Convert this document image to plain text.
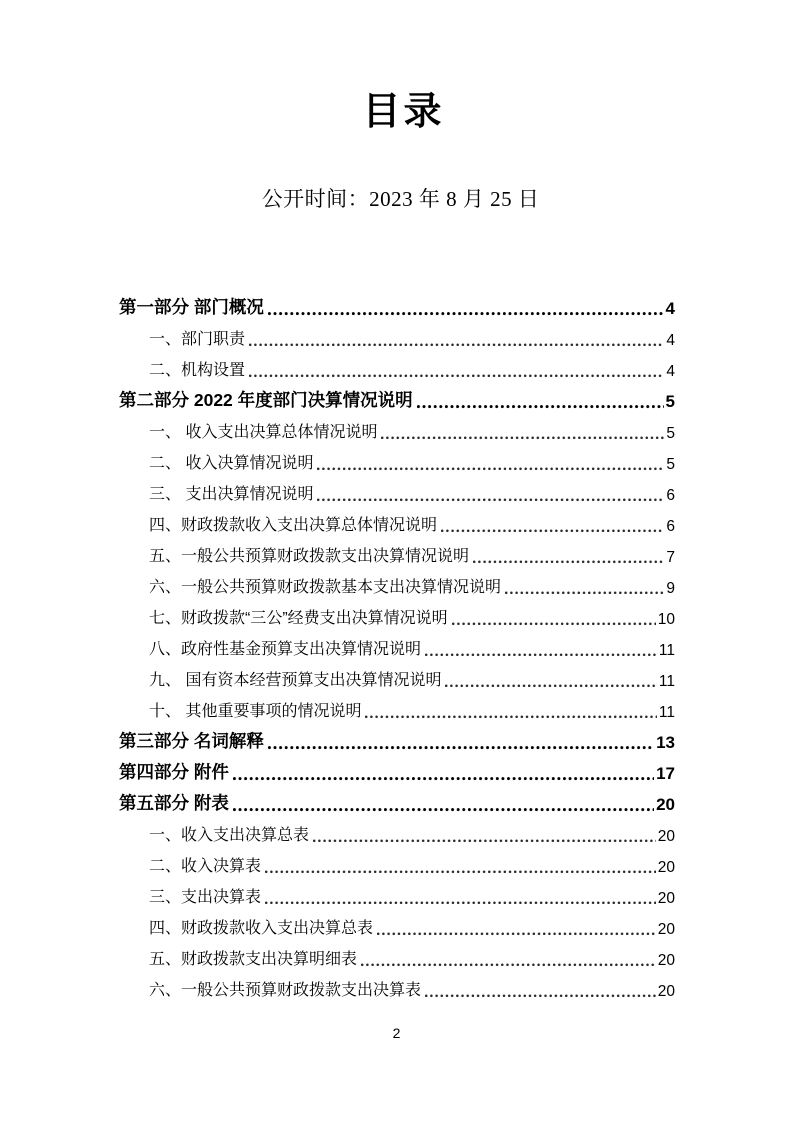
目录

公开时间：2023 年 8 月 25 日

第一部分 部门概况	4
一、部门职责	4
二、机构设置	4
第二部分 2022 年度部门决算情况说明	5
一、 收入支出决算总体情况说明	5
二、 收入决算情况说明	5
三、 支出决算情况说明	6
四、财政拨款收入支出决算总体情况说明	6
五、一般公共预算财政拨款支出决算情况说明	7
六、一般公共预算财政拨款基本支出决算情况说明	9
七、财政拨款“三公”经费支出决算情况说明	10
八、政府性基金预算支出决算情况说明	11
九、 国有资本经营预算支出决算情况说明	11
十、 其他重要事项的情况说明	11
第三部分 名词解释	13
第四部分 附件	17
第五部分 附表	20
一、收入支出决算总表	20
二、收入决算表	20
三、支出决算表	20
四、财政拨款收入支出决算总表	20
五、财政拨款支出决算明细表	20
六、一般公共预算财政拨款支出决算表	20
2
